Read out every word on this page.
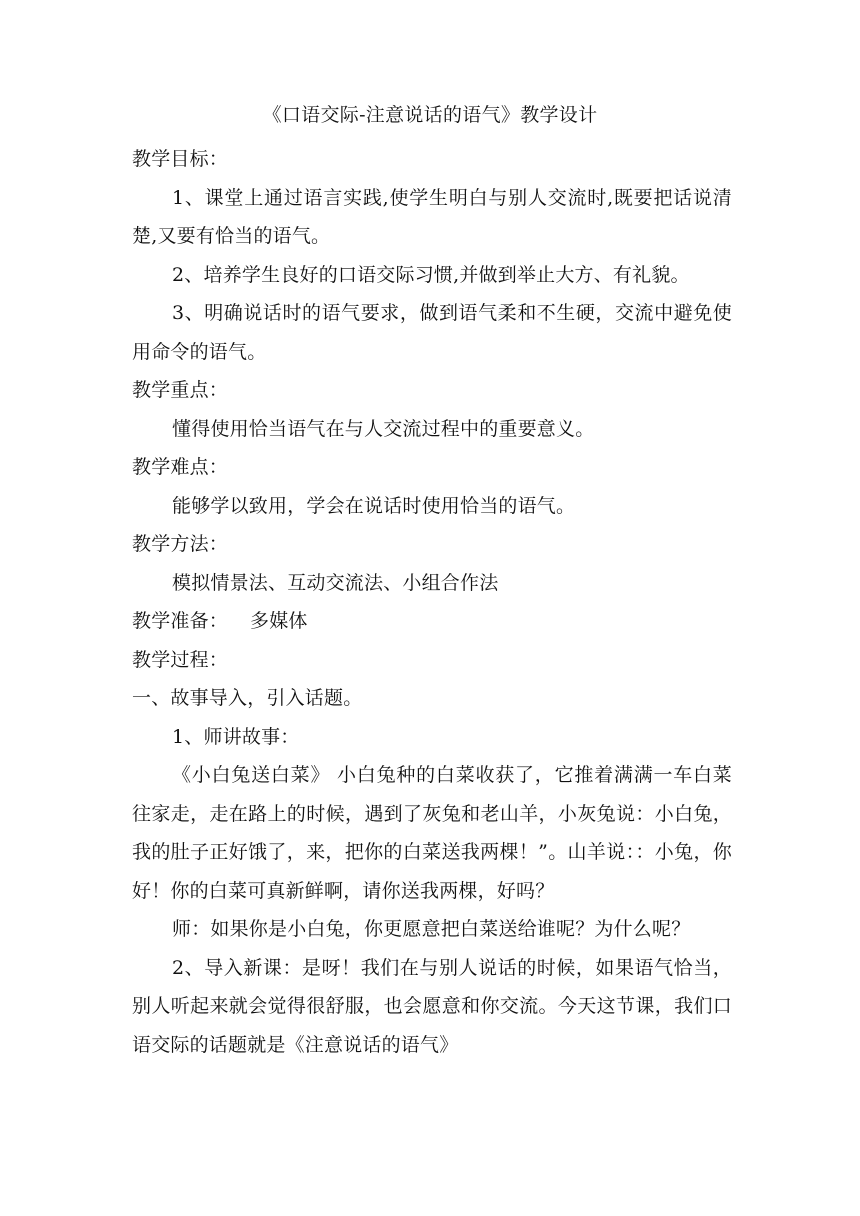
《口语交际-注意说话的语气》教学设计

教学目标：

1、课堂上通过语言实践,使学生明白与别人交流时,既要把话说清楚,又要有恰当的语气。

2、培养学生良好的口语交际习惯,并做到举止大方、有礼貌。

3、明确说话时的语气要求，做到语气柔和不生硬，交流中避免使用命令的语气。

教学重点：

懂得使用恰当语气在与人交流过程中的重要意义。

教学难点：

能够学以致用，学会在说话时使用恰当的语气。

教学方法：

模拟情景法、互动交流法、小组合作法

教学准备： 多媒体

教学过程：

一、故事导入，引入话题。

1、师讲故事：

《小白兔送白菜》 小白兔种的白菜收获了，它推着满满一车白菜往家走，走在路上的时候，遇到了灰兔和老山羊，小灰兔说：小白兔，我的肚子正好饿了，来，把你的白菜送我两棵！”。山羊说：：小兔，你好！你的白菜可真新鲜啊，请你送我两棵，好吗？

师：如果你是小白兔，你更愿意把白菜送给谁呢？为什么呢？

2、导入新课：是呀！我们在与别人说话的时候，如果语气恰当，别人听起来就会觉得很舒服，也会愿意和你交流。今天这节课，我们口语交际的话题就是《注意说话的语气》
